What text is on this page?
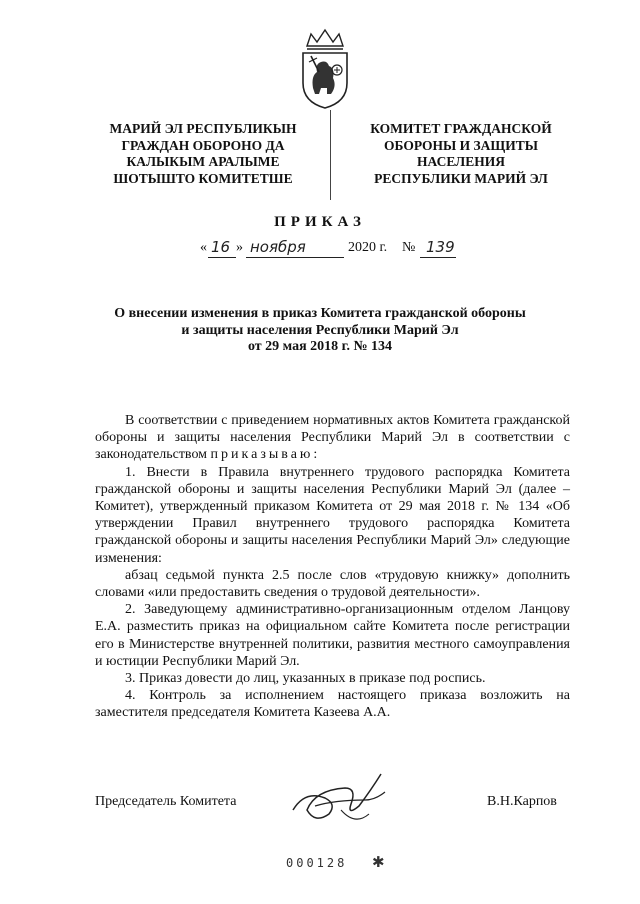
МАРИЙ ЭЛ РЕСПУБЛИКЫН
ГРАЖДАН ОБОРОНО ДА
КАЛЫКЫМ АРАЛЫМЕ
ШОТЫШТО КОМИТЕТШЕ
КОМИТЕТ ГРАЖДАНСКОЙ
ОБОРОНЫ И ЗАЩИТЫ
НАСЕЛЕНИЯ
РЕСПУБЛИКИ МАРИЙ ЭЛ
ПРИКАЗ
« 16 » ноября	2020 г. № 139
О внесении изменения в приказ Комитета гражданской обороны
и защиты населения Республики Марий Эл
от 29 мая 2018 г. № 134

В соответствии с приведением нормативных актов Комитета гражданской обороны и защиты населения Республики Марий Эл в соответствии с законодательством приказываю:

1. Внести в Правила внутреннего трудового распорядка Комитета гражданской обороны и защиты населения Республики Марий Эл (далее – Комитет), утвержденный приказом Комитета от 29 мая 2018 г. № 134 «Об утверждении Правил внутреннего трудового распорядка Комитета гражданской обороны и защиты населения Республики Марий Эл» следующие изменения:

абзац седьмой пункта 2.5 после слов «трудовую книжку» дополнить словами «или предоставить сведения о трудовой деятельности».

2. Заведующему административно-организационным отделом Ланцову Е.А. разместить приказ на официальном сайте Комитета после регистрации его в Министерстве внутренней политики, развития местного самоуправления и юстиции Республики Марий Эл.

3. Приказ довести до лиц, указанных в приказе под роспись.

4. Контроль за исполнением настоящего приказа возложить на заместителя председателя Комитета Казеева А.А.

Председатель Комитета	В.Н.Карпов
000128 ✱
